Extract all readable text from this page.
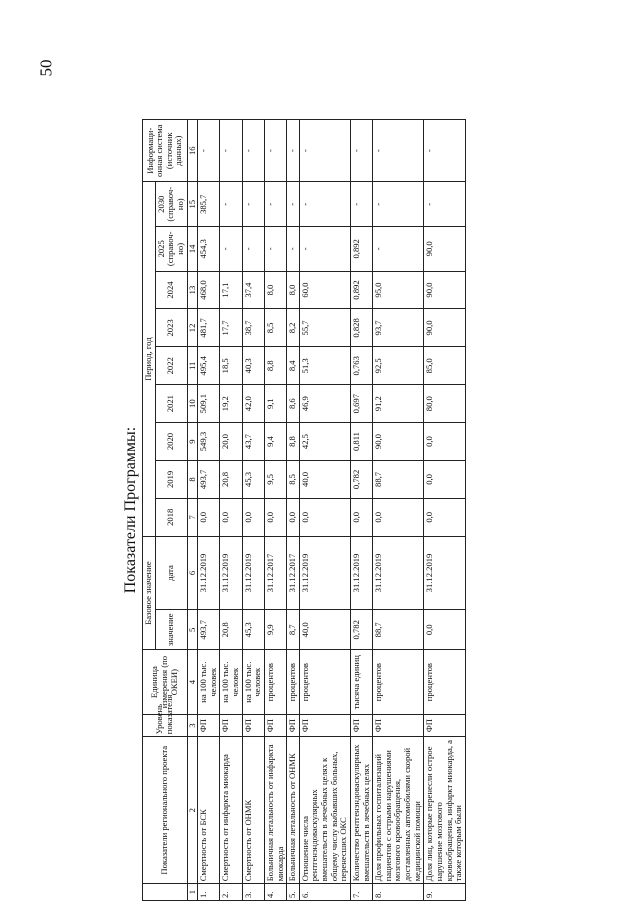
50
Показатели Программы:
	Показатели регионального проекта	Уровень показателя	Единица измерения (по ОКЕИ)	Базовое значение		Период, год									Информаци-онная система (источник данных)
				значение	дата	2018	2019	2020	2021	2022	2023	2024	2025 (справоч-но)	2030 (справоч-но)	

1	2	3	4	5	6	7	8	9	10	11	12	13	14	15	16
1.	Смертность от БСК	ФП	на 100 тыс. человек	493,7	31.12.2019	0,0	493,7	549,3	509,1	495,4	481,7	468,0	454,3	385,7	-
2.	Смертность от инфаркта миокарда	ФП	на 100 тыс. человек	20,8	31.12.2019	0,0	20,8	20,0	19,2	18,5	17,7	17,1	-	-	-
3.	Смертность от ОНМК	ФП	на 100 тыс. человек	45,3	31.12.2019	0,0	45,3	43,7	42,0	40,3	38,7	37,4	-	-	-
4.	Больничная летальность от инфаркта миокарда	ФП	процентов	9,9	31.12.2017	0,0	9,5	9,4	9,1	8,8	8,5	8,0	-	-	-
5.	Больничная летальность от ОНМК	ФП	процентов	8,7	31.12.2017	0,0	8,5	8,8	8,6	8,4	8,2	8,0	-	-	-
6.	Отношение числа рентгенэндоваскулярных вмешательств в лечебных целях к общему числу выбывших больных, перенесших ОКС	ФП	процентов	40,0	31.12.2019	0,0	40,0	42,5	46,9	51,3	55,7	60,0	-	-	-
7.	Количество рентгенэндоваскулярных вмешательств в лечебных целях	ФП	тысяча единиц	0,782	31.12.2019	0,0	0,782	0,811	0,697	0,763	0,828	0,892	0,892	-	-
8.	Доля профильных госпитализаций пациентов с острыми нарушениями мозгового кровообращения, доставленных автомобилями скорой медицинской помощи	ФП	процентов	88,7	31.12.2019	0,0	88,7	90,0	91,2	92,5	93,7	95,0	-	-	-
9.	Доля лиц, которые перенесли острое нарушение мозгового кровообращения, инфаркт миокарда, а также которым были	ФП	процентов	0,0	31.12.2019	0,0	0,0	0,0	80,0	85,0	90,0	90,0	90,0	-	-
